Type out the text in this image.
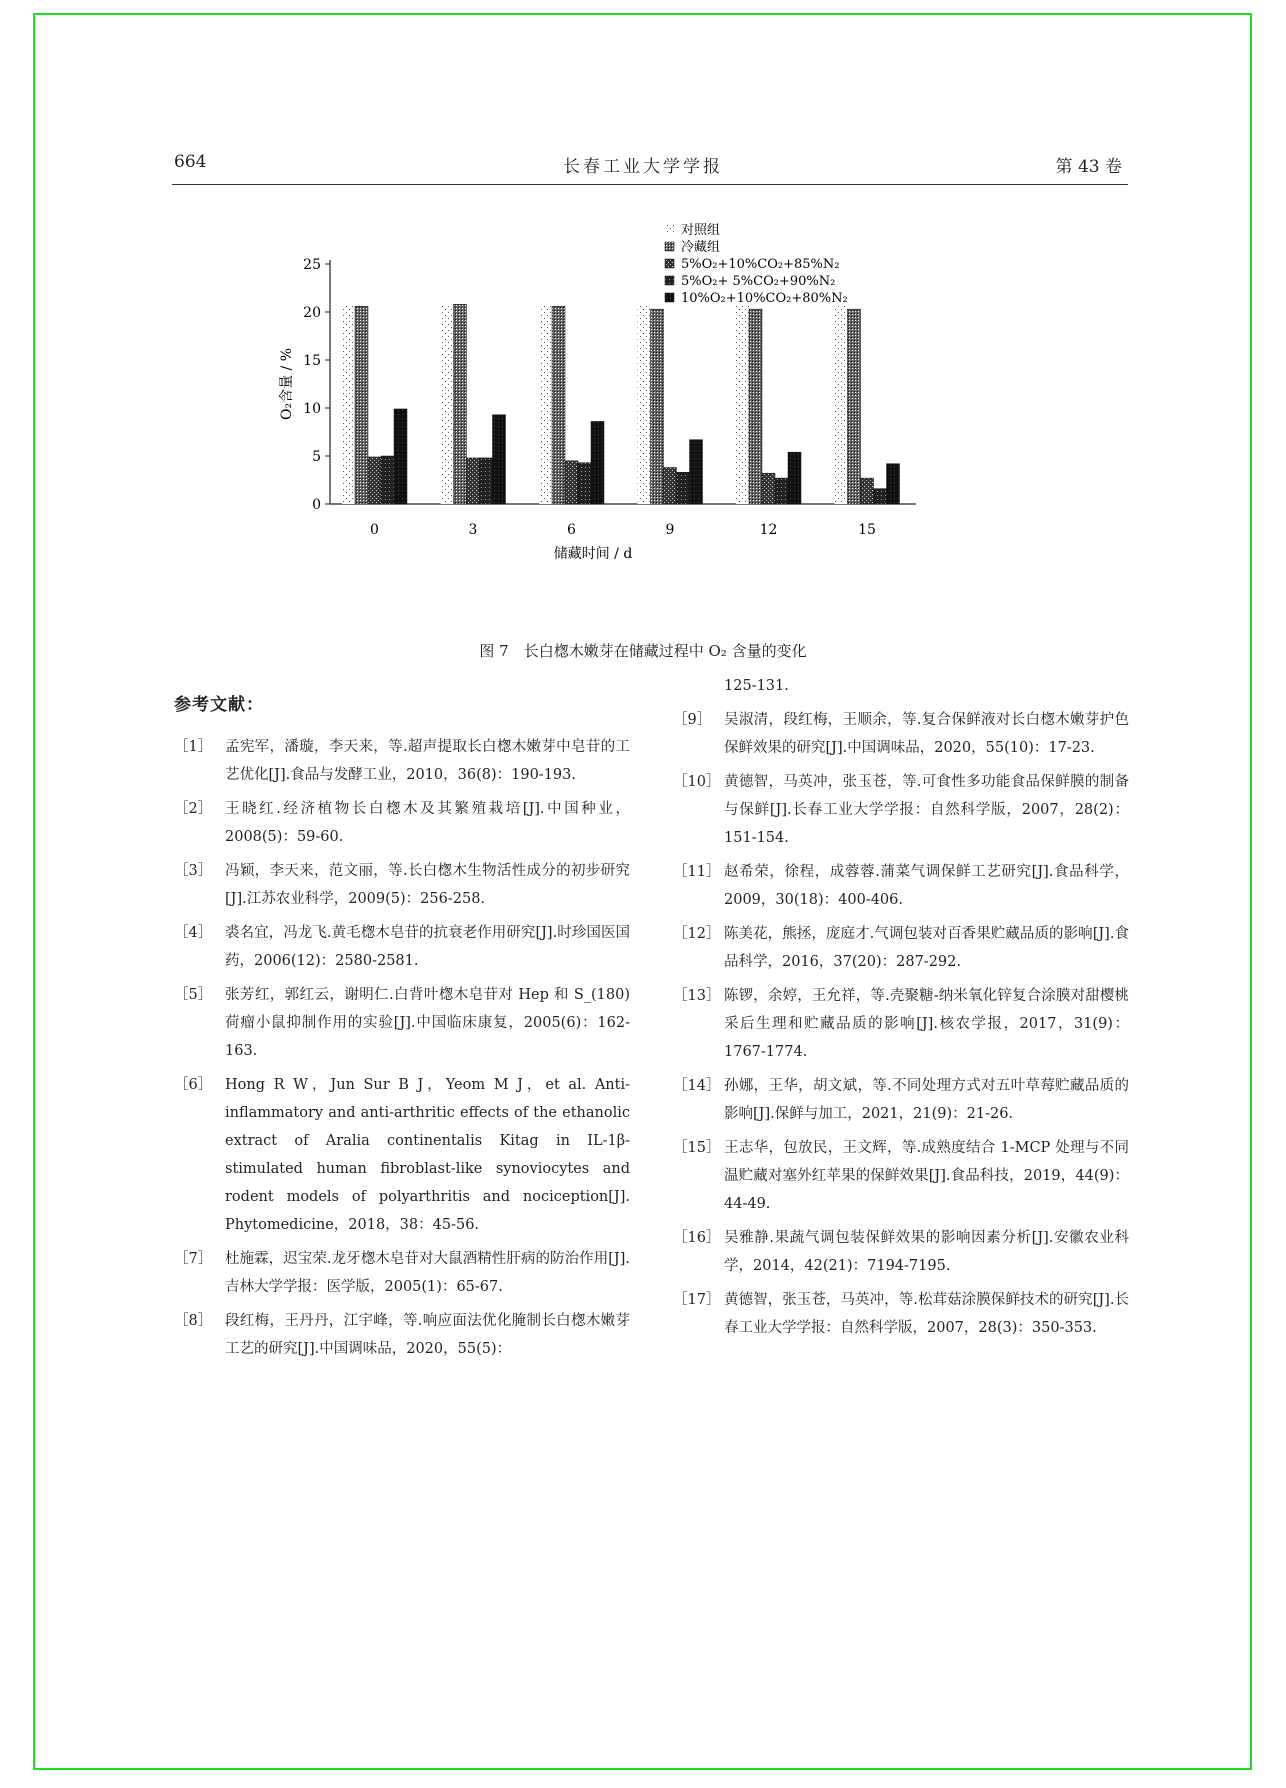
664	长春工业大学学报	第 43 卷
0
5
10
15
20
25
O₂含量 / %
储藏时间 / d
0	3	6	9	12	15
对照组
冷藏组
5%O₂+10%CO₂+85%N₂
5%O₂+ 5%CO₂+90%N₂
10%O₂+10%CO₂+80%N₂
图 7　长白楤木嫩芽在储藏过程中 O₂ 含量的变化
参考文献：
［1］ 孟宪军，潘璇，李天来，等.超声提取长白楤木嫩芽中皂苷的工艺优化[J].食品与发酵工业，2010，36(8)：190-193.
［2］ 王晓红.经济植物长白楤木及其繁殖栽培[J].中国种业，2008(5)：59-60.
［3］ 冯颖，李天来，范文丽，等.长白楤木生物活性成分的初步研究[J].江苏农业科学，2009(5)：256-258.
［4］ 裘名宜，冯龙飞.黄毛楤木皂苷的抗衰老作用研究[J].时珍国医国药，2006(12)：2580-2581.
［5］ 张芳红，郭红云，谢明仁.白背叶楤木皂苷对 Hep 和 S_(180)荷瘤小鼠抑制作用的实验[J].中国临床康复，2005(6)：162-163.
［6］ Hong R W，Jun Sur B J，Yeom M J，et al. Anti-inflammatory and anti-arthritic effects of the ethanolic extract of Aralia continentalis Kitag in IL-1β-stimulated human fibroblast-like synoviocytes and rodent models of polyarthritis and nociception[J]. Phytomedicine，2018，38：45-56.
［7］ 杜施霖，迟宝荣.龙牙楤木皂苷对大鼠酒精性肝病的防治作用[J].吉林大学学报：医学版，2005(1)：65-67.
［8］ 段红梅，王丹丹，江宇峰，等.响应面法优化腌制长白楤木嫩芽工艺的研究[J].中国调味品，2020，55(5)：
125-131.
［9］ 吴淑清，段红梅，王顺余，等.复合保鲜液对长白楤木嫩芽护色保鲜效果的研究[J].中国调味品，2020，55(10)：17-23.
［10］ 黄德智，马英冲，张玉苍，等.可食性多功能食品保鲜膜的制备与保鲜[J].长春工业大学学报：自然科学版，2007，28(2)：151-154.
［11］ 赵希荣，徐程，成蓉蓉.蒲菜气调保鲜工艺研究[J].食品科学，2009，30(18)：400-406.
［12］ 陈美花，熊拯，庞庭才.气调包装对百香果贮藏品质的影响[J].食品科学，2016，37(20)：287-292.
［13］ 陈锣，余婷，王允祥，等.壳聚糖-纳米氧化锌复合涂膜对甜樱桃采后生理和贮藏品质的影响[J].核农学报，2017，31(9)：1767-1774.
［14］ 孙娜，王华，胡文斌，等.不同处理方式对五叶草莓贮藏品质的影响[J].保鲜与加工，2021，21(9)：21-26.
［15］ 王志华，包放民，王文辉，等.成熟度结合 1-MCP 处理与不同温贮藏对塞外红苹果的保鲜效果[J].食品科技，2019，44(9)：44-49.
［16］ 吴雅静.果蔬气调包装保鲜效果的影响因素分析[J].安徽农业科学，2014，42(21)：7194-7195.
［17］ 黄德智，张玉苍，马英冲，等.松茸菇涂膜保鲜技术的研究[J].长春工业大学学报：自然科学版，2007，28(3)：350-353.
